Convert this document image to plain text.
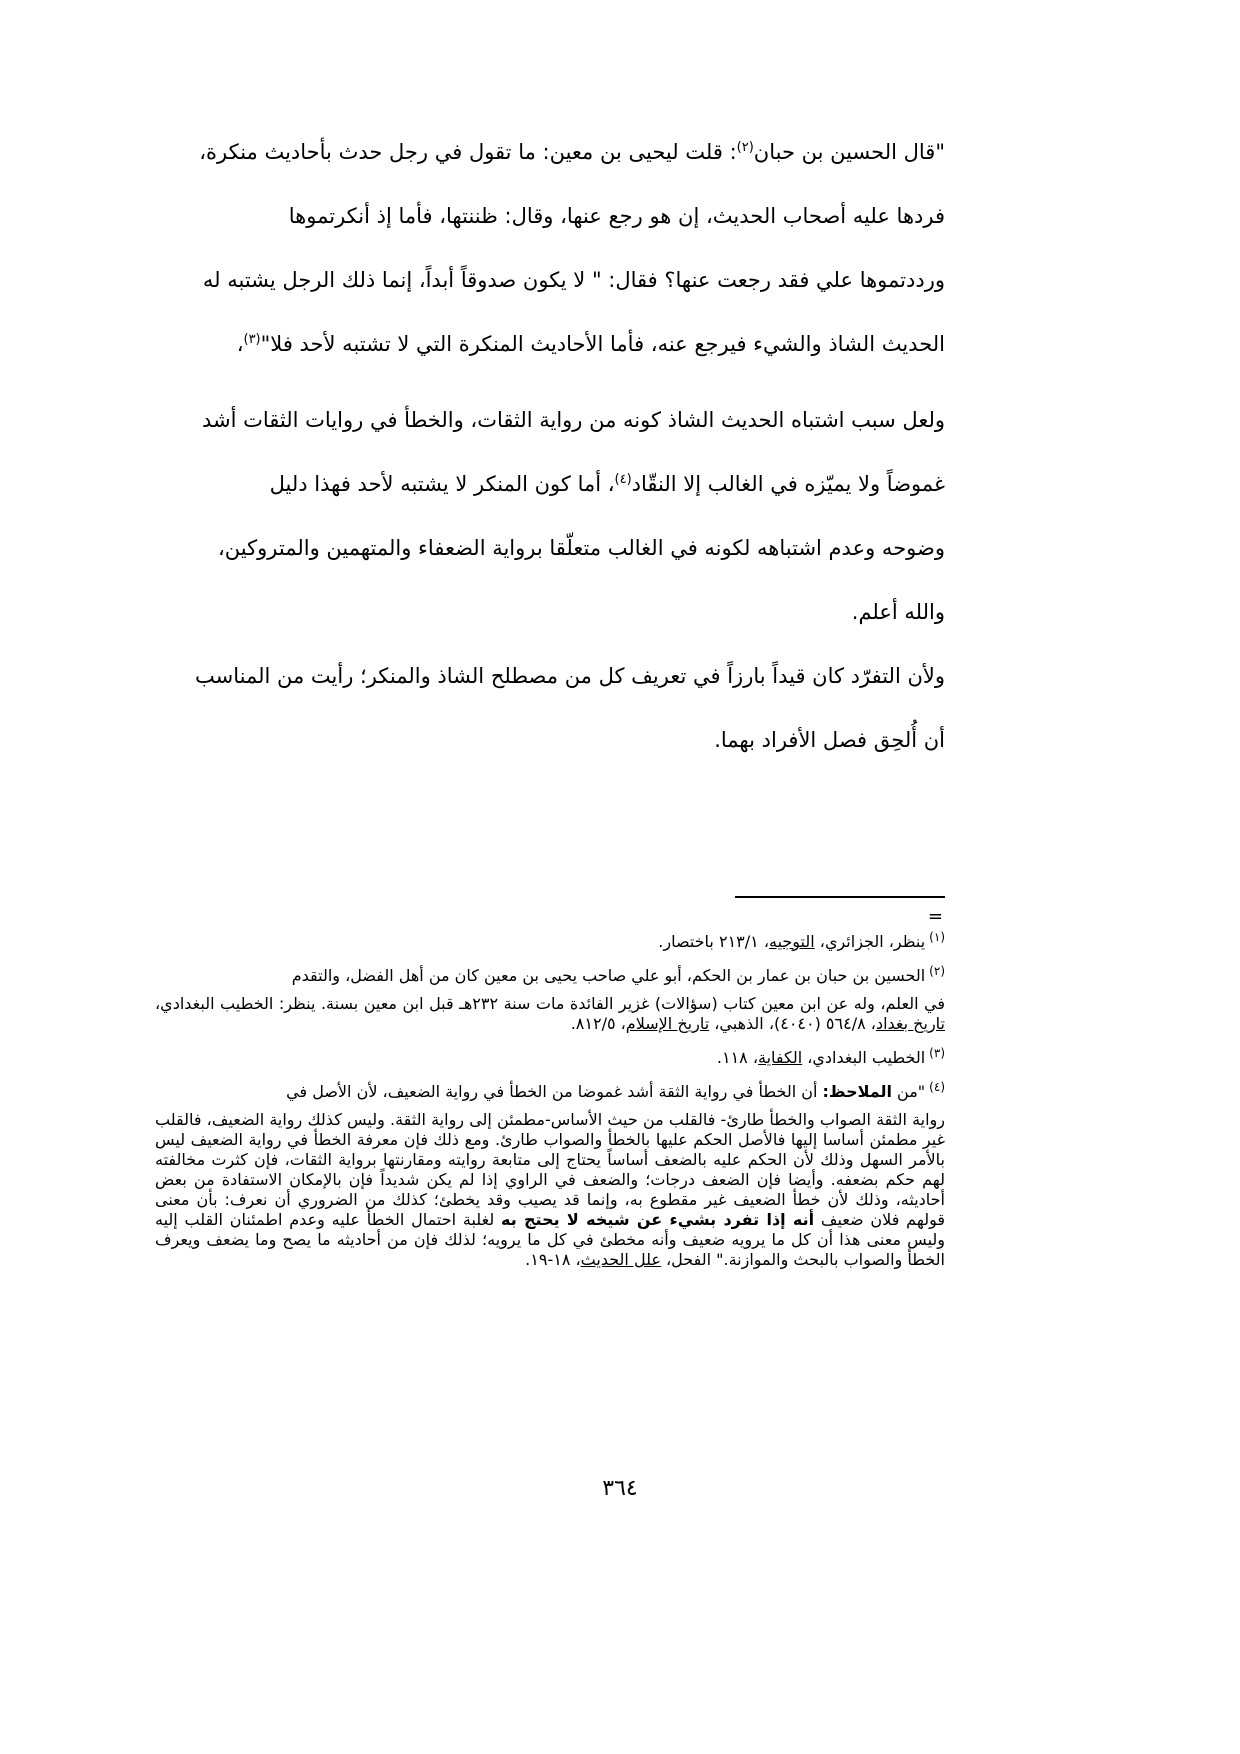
"قال الحسين بن حبان$^{(٢)}$: قلت ليحيى بن معين: ما تقول في رجل حدث بأحاديث منكرة،
فردها عليه أصحاب الحديث، إن هو رجع عنها، وقال: ظننتها، فأما إذ أنكرتموها
ورددتموها علي فقد رجعت عنها؟ فقال: " لا يكون صدوقاً أبداً، إنما ذلك الرجل يشتبه له
الحديث الشاذ والشيء فيرجع عنه، فأما الأحاديث المنكرة التي لا تشتبه لأحد فلا"$^{(٣)}$،

ولعل سبب اشتباه الحديث الشاذ كونه من رواية الثقات، والخطأ في روايات الثقات أشد
غموضاً ولا يميّزه في الغالب إلا النقّاد$^{(٤)}$، أما كون المنكر لا يشتبه لأحد فهذا دليل
وضوحه وعدم اشتباهه لكونه في الغالب متعلّقا برواية الضعفاء والمتهمين والمتروكين،
والله أعلم.

ولأن التفرّد كان قيداً بارزاً في تعريف كل من مصطلح الشاذ والمنكر؛ رأيت من المناسب
أن أُلحِق فصل الأفراد بهما.

=

$^{(١)}$ينظر، الجزائري، التوجيه، ٢١٣/١ باختصار.

$^{(٢)}$الحسين بن حبان بن عمار بن الحكم، أبو علي صاحب يحيى بن معين كان من أهل الفضل، والتقدم
في العلم، وله عن ابن معين كتاب (سؤالات) غزير الفائدة مات سنة ٢٣٢هـ قبل ابن معين بسنة. ينظر: الخطيب البغدادي، تاريخ بغداد، ٥٦٤/٨ (٤٠٤٠)، الذهبي، تاريخ الإسلام، ٨١٢/٥.

$^{(٣)}$الخطيب البغدادي، الكفاية، ١١٨.

$^{(٤)}$"من الملاحظ: أن الخطأ في رواية الثقة أشد غموضا من الخطأ في رواية الضعيف، لأن الأصل في
رواية الثقة الصواب والخطأ طارئ- فالقلب من حيث الأساس-مطمئن إلى رواية الثقة. وليس كذلك رواية الضعيف، فالقلب غير مطمئن أساسا إليها فالأصل الحكم عليها بالخطأ والصواب طارئ. ومع ذلك فإن معرفة الخطأ في رواية الضعيف ليس بالأمر السهل وذلك لأن الحكم عليه بالضعف أساساً يحتاج إلى متابعة روايته ومقارنتها برواية الثقات، فإن كثرت مخالفته لهم حكم بضعفه. وأيضا فإن الضعف درجات؛ والضعف في الراوي إذا لم يكن شديداً فإن بالإمكان الاستفادة من بعض أحاديثه، وذلك لأن خطأ الضعيف غير مقطوع به، وإنما قد يصيب وقد يخطئ؛ كذلك من الضروري أن نعرف: بأن معنى قولهم فلان ضعيف أنه إذا تفرد بشيء عن شيخه لا يحتج به لغلبة احتمال الخطأ عليه وعدم اطمئنان القلب إليه وليس معنى هذا أن كل ما يرويه ضعيف وأنه مخطئ في كل ما يرويه؛ لذلك فإن من أحاديثه ما يصح وما يضعف ويعرف الخطأ والصواب بالبحث والموازنة." الفحل، علل الحديث، ١٨-١٩.

٣٦٤
